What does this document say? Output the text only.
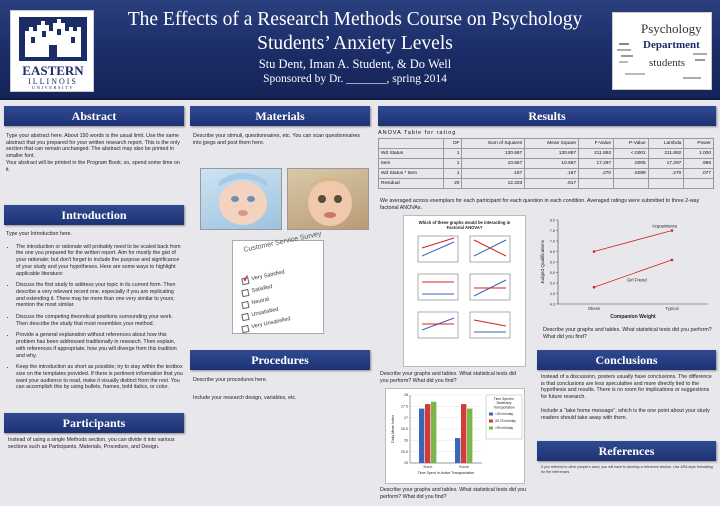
EASTERN
ILLINOIS
UNIVERSITY
The Effects of a Research Methods Course on Psychology
Students’ Anxiety Levels
Stu Dent, Iman A. Student, & Do Well
Sponsored by Dr. _______, spring 2014
Psychology
Department
students
Abstract
Type your abstract here. About 150 words is the usual limit. Use the same abstract that you prepared for your written research report. This is the only section that can remain unchanged. The abstract may also be printed in smaller font.
Your abstract will be printed in the Program Book; so, spend some time on it.
Introduction
Type your Introduction here.
• The introduction or rationale will probably need to be scaled back from the one you prepared for the written report. Aim for mostly the gist of your rationale; but don't forget to include the purpose and significance of your study and your hypotheses. Here are some ways to highlight applicable literature:
• Discuss the first study to address your topic in its current form. Then describe a very relevant recent one, especially if you are replicating and extending it. There may be more than one very similar to yours; mention the most similar.
• Discuss the competing theoretical positions surrounding your work. Then describe the study that most resembles your method.
• Provide a general explanation without references about how this problem has been addressed traditionally in research. Then explain, with references if appropriate, how you will diverge from this tradition and why.
• Keep the introduction as short as possible; try to stay within the textbox size on the templates provided. If there is pertinent information that you want your audience to read, make it visually distinct from the rest. You can accomplish this by using bullets, frames, bold italics, or color.
Participants
Instead of using a single Methods section, you can divide it into various sections such as Participants, Materials, Procedure, and Design.
Materials
Describe your stimuli, questionnaires, etc. You can scan questionnaires into jpegs and post them here.
Customer Service Survey
✓ Very Satisfied
Satisfied
Neutral
Unsatisfied
Very Unsatisfied
Procedures
Describe your procedures here.
Include your research design, variables, etc.
Results
ANOVA Table for rating
	DF	Sum of Squares	Mean Square	F-Value	P-Value	Lambda	Power
Wd Status	1	130.667	130.667	211.892	<.0001	211.892	1.000
Item	1	10.667	10.667	17.297	.0005	17.297	.986
Wd Status * Item	1	.167	.167	.270	.6089	.270	.077
Residual	20	12.333	.617				
We averaged across exemplars for each participant for each question in each condition. Averaged ratings were submitted to three 2-way factorial ANOVAs.
Which of these graphs would be interacting in Factorial ANOVA?
4.0
4.5
5.0
5.5
6.0
6.5
7.0
7.5
8.0
Obese	Typical
Companion Weight
Judged Qualifications
Acquaintance
Girl Friend
Describe your graphs and tables. What statistical tests did you perform? What did you find?
Describe your graphs and tables. What statistical tests did you perform? What did you find?
25
25.5
26
26.5
27
27.5
28
None	Some
Time Spent in Active Transportation
Daily Mean Index
Time Spent in
Sedentary
Transportation
<30 min/day
30-75 min/day
>90 min/day
Describe your graphs and tables. What statistical tests did you perform? What did you find?
Conclusions
Instead of a discussion, posters usually have conclusions. The difference is that conclusions are less speculative and more directly tied to the hypothesis and results. There is no room for implications or suggestions for future research.
Include a “take home message”, which is the one point about your study readers should take away with them.
References
If you referred to other people's work, you will have to develop a reference section. Use APA-style formatting for the references.
